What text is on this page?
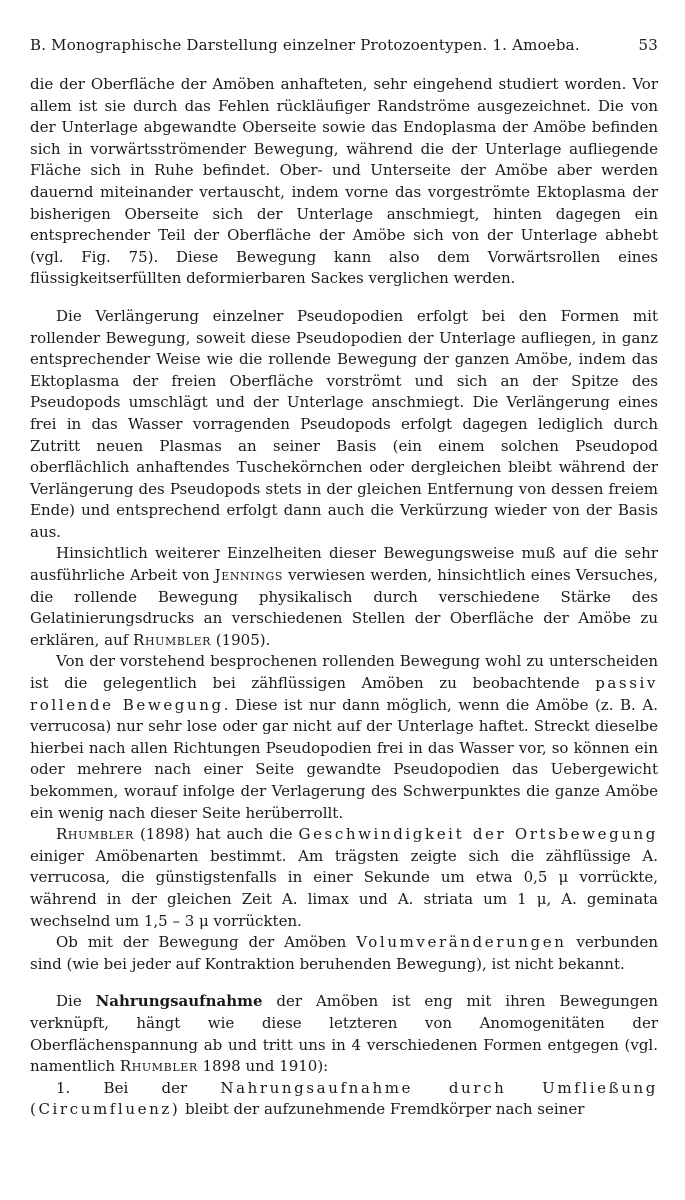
B. Monographische Darstellung einzelner Protozoentypen. 1. Amoeba.	53

die der Oberfläche der Amöben anhafteten, sehr eingehend studiert worden. Vor allem ist sie durch das Fehlen rückläufiger Randströme ausgezeichnet. Die von der Unterlage abgewandte Oberseite sowie das Endoplasma der Amöbe befinden sich in vorwärtsströmender Bewegung, während die der Unterlage aufliegende Fläche sich in Ruhe befindet. Ober- und Unterseite der Amöbe aber werden dauernd miteinander vertauscht, indem vorne das vorgeströmte Ektoplasma der bisherigen Oberseite sich der Unterlage anschmiegt, hinten dagegen ein entsprechender Teil der Oberfläche der Amöbe sich von der Unterlage abhebt (vgl. Fig. 75). Diese Bewegung kann also dem Vorwärtsrollen eines flüssigkeitserfüllten deformierbaren Sackes verglichen werden.

Die Verlängerung einzelner Pseudopodien erfolgt bei den Formen mit rollender Bewegung, soweit diese Pseudopodien der Unterlage aufliegen, in ganz entsprechender Weise wie die rollende Bewegung der ganzen Amöbe, indem das Ektoplasma der freien Oberfläche vorströmt und sich an der Spitze des Pseudopods umschlägt und der Unterlage anschmiegt. Die Verlängerung eines frei in das Wasser vorragenden Pseudopods erfolgt dagegen lediglich durch Zutritt neuen Plasmas an seiner Basis (ein einem solchen Pseudopod oberflächlich anhaftendes Tuschekörnchen oder dergleichen bleibt während der Verlängerung des Pseudopods stets in der gleichen Entfernung von dessen freiem Ende) und entsprechend erfolgt dann auch die Verkürzung wieder von der Basis aus.

Hinsichtlich weiterer Einzelheiten dieser Bewegungsweise muß auf die sehr ausführliche Arbeit von Jennings verwiesen werden, hinsichtlich eines Versuches, die rollende Bewegung physikalisch durch verschiedene Stärke des Gelatinierungsdrucks an verschiedenen Stellen der Oberfläche der Amöbe zu erklären, auf Rhumbler (1905).

Von der vorstehend besprochenen rollenden Bewegung wohl zu unterscheiden ist die gelegentlich bei zähflüssigen Amöben zu beobachtende passiv rollende Bewegung. Diese ist nur dann möglich, wenn die Amöbe (z. B. A. verrucosa) nur sehr lose oder gar nicht auf der Unterlage haftet. Streckt dieselbe hierbei nach allen Richtungen Pseudopodien frei in das Wasser vor, so können ein oder mehrere nach einer Seite gewandte Pseudopodien das Uebergewicht bekommen, worauf infolge der Verlagerung des Schwerpunktes die ganze Amöbe ein wenig nach dieser Seite herüberrollt.

Rhumbler (1898) hat auch die Geschwindigkeit der Ortsbewegung einiger Amöbenarten bestimmt. Am trägsten zeigte sich die zähflüssige A. verrucosa, die günstigstenfalls in einer Sekunde um etwa 0,5 μ vorrückte, während in der gleichen Zeit A. limax und A. striata um 1 μ, A. geminata wechselnd um 1,5 – 3 μ vorrückten.

Ob mit der Bewegung der Amöben Volumveränderungen verbunden sind (wie bei jeder auf Kontraktion beruhenden Bewegung), ist nicht bekannt.

Die Nahrungsaufnahme der Amöben ist eng mit ihren Bewegungen verknüpft, hängt wie diese letzteren von Anomogenitäten der Oberflächenspannung ab und tritt uns in 4 verschiedenen Formen entgegen (vgl. namentlich Rhumbler 1898 und 1910):

1. Bei der Nahrungsaufnahme durch Umfließung (Circumfluenz) bleibt der aufzunehmende Fremdkörper nach seiner
